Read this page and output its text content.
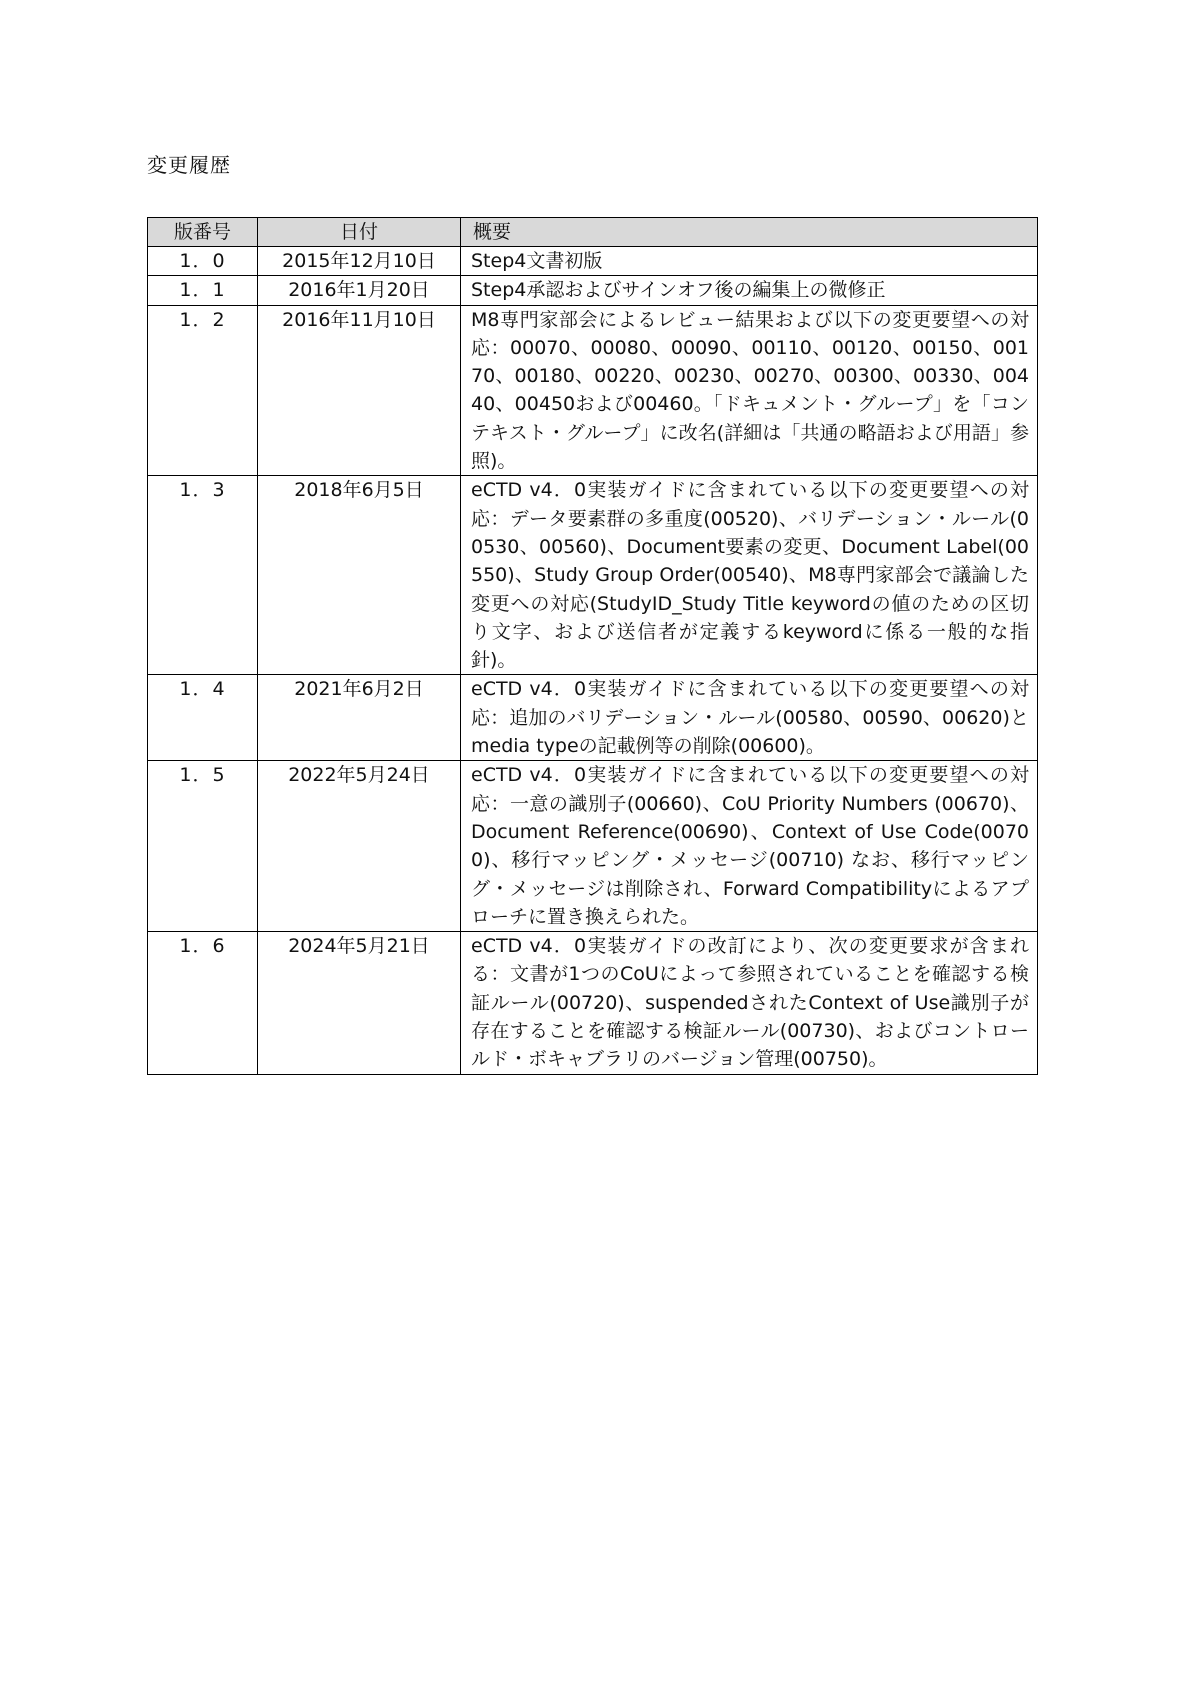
変更履歴
版番号	日付	概要
1．0	2015年12月10日	Step4文書初版
1．1	2016年1月20日	Step4承認およびサインオフ後の編集上の微修正
1．2	2016年11月10日	M8専門家部会によるレビュー結果および以下の変更要望への対応：00070、00080、00090、00110、00120、00150、00170、00180、00220、00230、00270、00300、00330、00440、00450および00460。「ドキュメント・グループ」を「コンテキスト・グループ」に改名(詳細は「共通の略語および用語」参照)。
1．3	2018年6月5日	eCTD v4．0実装ガイドに含まれている以下の変更要望への対応：データ要素群の多重度(00520)、バリデーション・ルール(00530、00560)、Document要素の変更、Document Label(00550)、Study Group Order(00540)、M8専門家部会で議論した変更への対応(StudyID_Study Title keywordの値のための区切り文字、および送信者が定義するkeywordに係る一般的な指針)。
1．4	2021年6月2日	eCTD v4．0実装ガイドに含まれている以下の変更要望への対応：追加のバリデーション・ルール(00580、00590、00620)とmedia typeの記載例等の削除(00600)。
1．5	2022年5月24日	eCTD v4．0実装ガイドに含まれている以下の変更要望への対応：一意の識別子(00660)、CoU Priority Numbers (00670)、Document Reference(00690)、Context of Use Code(00700)、移行マッピング・メッセージ(00710) なお、移行マッピング・メッセージは削除され、Forward Compatibilityによるアプローチに置き換えられた。
1．6	2024年5月21日	eCTD v4．0実装ガイドの改訂により、次の変更要求が含まれる：文書が1つのCoUによって参照されていることを確認する検証ルール(00720)、suspendedされたContext of Use識別子が存在することを確認する検証ルール(00730)、およびコントロールド・ボキャブラリのバージョン管理(00750)。
